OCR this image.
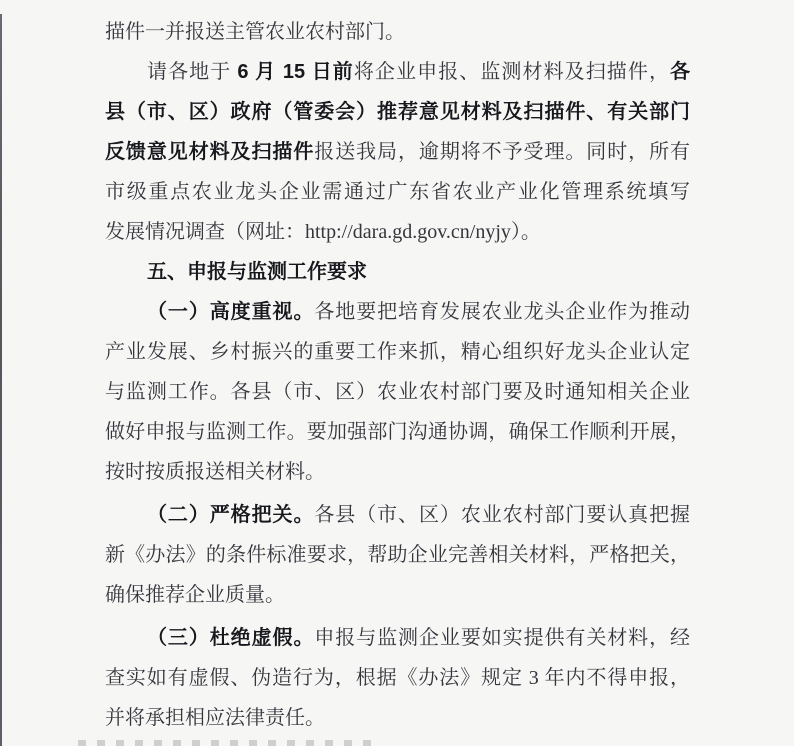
描件一并报送主管农业农村部门。
请各地于 6 月 15 日前将企业申报、监测材料及扫描件，各
县（市、区）政府（管委会）推荐意见材料及扫描件、有关部门
反馈意见材料及扫描件报送我局，逾期将不予受理。同时，所有
市级重点农业龙头企业需通过广东省农业产业化管理系统填写
发展情况调查（网址：http://dara.gd.gov.cn/nyjy）。
五、申报与监测工作要求
（一）高度重视。各地要把培育发展农业龙头企业作为推动
产业发展、乡村振兴的重要工作来抓，精心组织好龙头企业认定
与监测工作。各县（市、区）农业农村部门要及时通知相关企业
做好申报与监测工作。要加强部门沟通协调，确保工作顺利开展，
按时按质报送相关材料。
（二）严格把关。各县（市、区）农业农村部门要认真把握
新《办法》的条件标准要求，帮助企业完善相关材料，严格把关，
确保推荐企业质量。
（三）杜绝虚假。申报与监测企业要如实提供有关材料，经
查实如有虚假、伪造行为，根据《办法》规定 3 年内不得申报，
并将承担相应法律责任。
